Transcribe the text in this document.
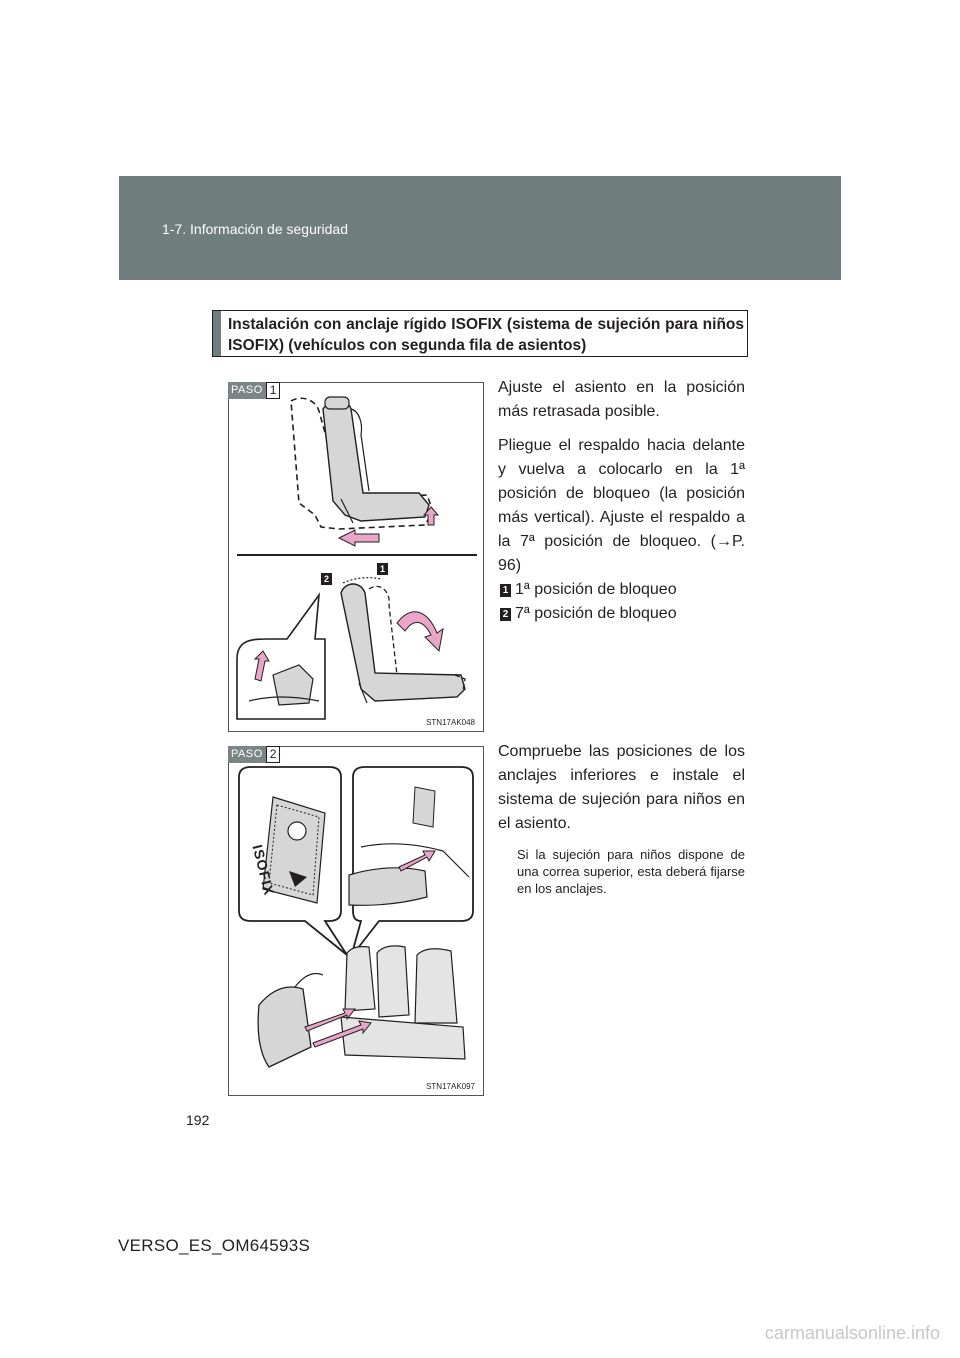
1-7. Información de seguridad
Instalación con anclaje rígido ISOFIX (sistema de sujeción para niños ISOFIX) (vehículos con segunda fila de asientos)
PASO 1
2
1
STN17AK048

Ajuste el asiento en la posición más retrasada posible.

Pliegue el respaldo hacia delante y vuelva a colocarlo en la 1ª posición de bloqueo (la posición más vertical). Ajuste el respaldo a la 7ª posición de bloqueo. (→P. 96)

1 1ª posición de bloqueo
2 7ª posición de bloqueo
PASO 2
ISOFIX
STN17AK097

Compruebe las posiciones de los anclajes inferiores e instale el sistema de sujeción para niños en el asiento.

Si la sujeción para niños dispone de una correa superior, esta deberá fijarse en los anclajes.
192
VERSO_ES_OM64593S
carmanualsonline.info
